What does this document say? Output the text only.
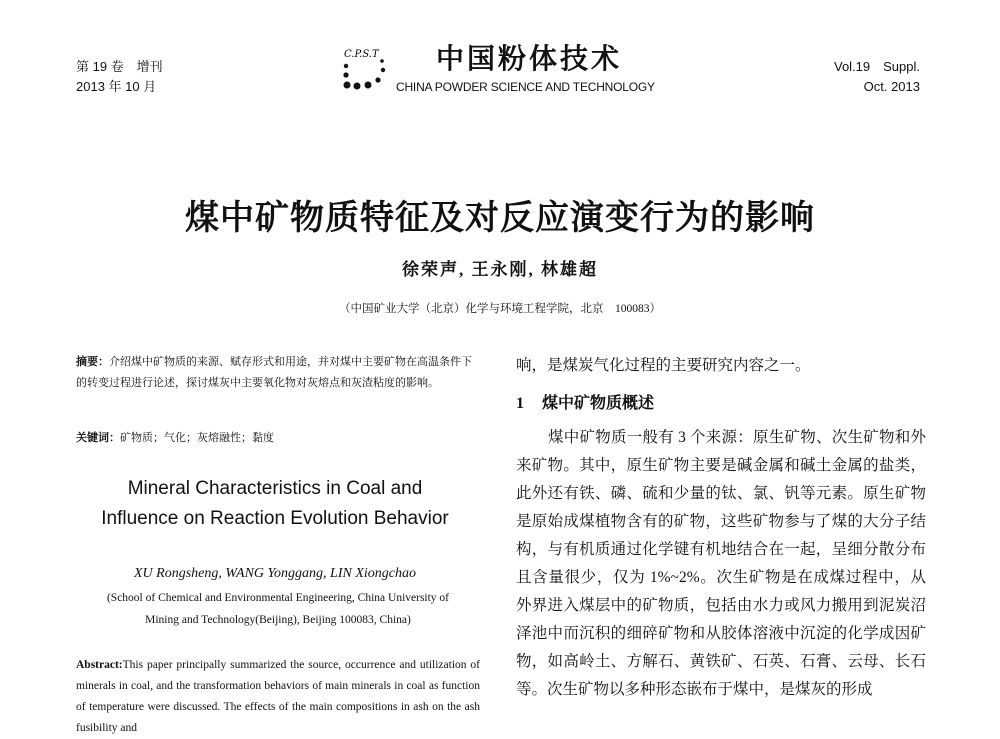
第 19 卷　增刊
2013 年 10 月
C.P.S.T 中国粉体技术
CHINA POWDER SCIENCE AND TECHNOLOGY
Vol.19　Suppl.
Oct. 2013
煤中矿物质特征及对反应演变行为的影响
徐荣声, 王永刚, 林雄超
（中国矿业大学（北京）化学与环境工程学院，北京　100083）
摘要：介绍煤中矿物质的来源、赋存形式和用途，并对煤中主要矿物在高温条件下的转变过程进行论述，探讨煤灰中主要氧化物对灰熔点和灰渣粘度的影响。
关键词：矿物质；气化；灰熔融性；黏度
Mineral Characteristics in Coal and
Influence on Reaction Evolution Behavior
XU Rongsheng, WANG Yonggang, LIN Xiongchao
(School of Chemical and Environmental Engineering, China University of
Mining and Technology(Beijing), Beijing 100083, China)
Abstract:This paper principally summarized the source, occurrence and utilization of minerals in coal, and the transformation behaviors of main minerals in coal as function of temperature were discussed. The effects of the main compositions in ash on the ash fusibility and
响，是煤炭气化过程的主要研究内容之一。
1 煤中矿物质概述
煤中矿物质一般有 3 个来源：原生矿物、次生矿物和外来矿物。其中，原生矿物主要是碱金属和碱土金属的盐类，此外还有铁、磷、硫和少量的钛、氯、钒等元素。原生矿物是原始成煤植物含有的矿物，这些矿物参与了煤的大分子结构，与有机质通过化学键有机地结合在一起，呈细分散分布且含量很少，仅为 1%~2%。次生矿物是在成煤过程中，从外界进入煤层中的矿物质，包括由水力或风力搬用到泥炭沼泽池中而沉积的细碎矿物和从胶体溶液中沉淀的化学成因矿物，如高岭土、方解石、黄铁矿、石英、石膏、云母、长石等。次生矿物以多种形态嵌布于煤中，是煤灰的形成
